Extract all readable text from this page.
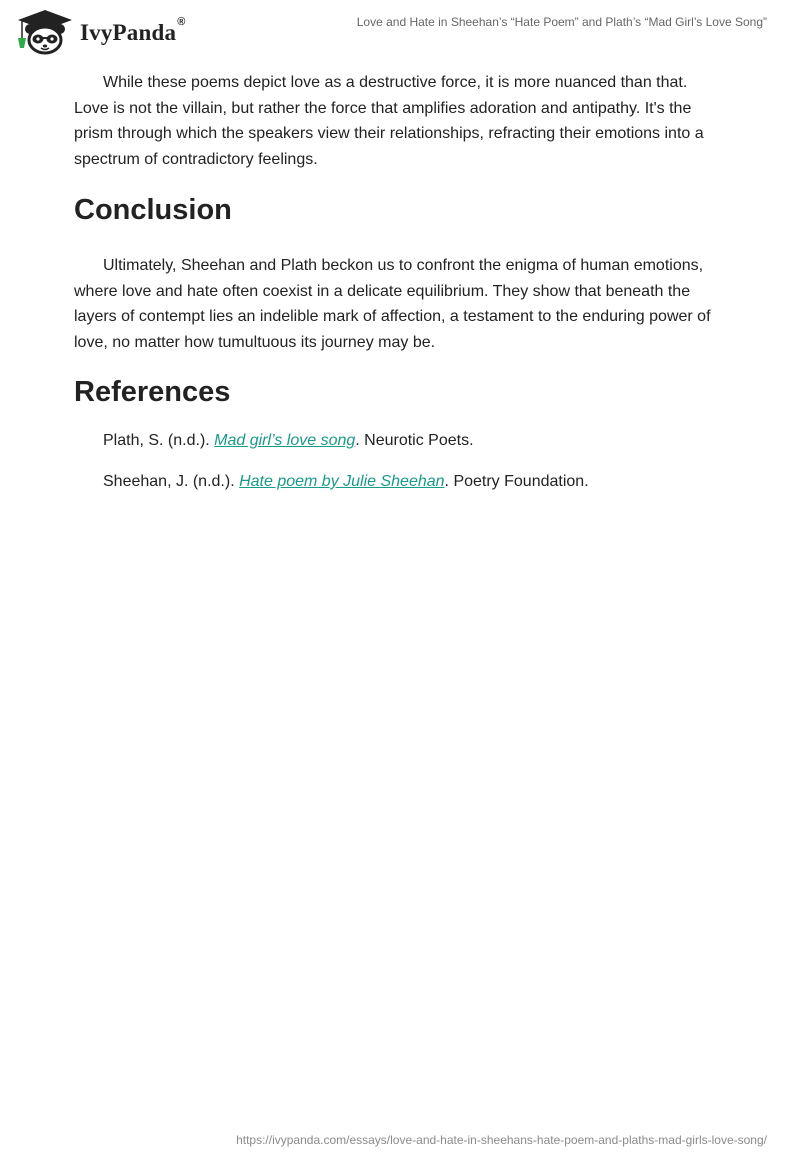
IvyPanda®	Love and Hate in Sheehan’s “Hate Poem” and Plath’s “Mad Girl’s Love Song”

While these poems depict love as a destructive force, it is more nuanced than that. Love is not the villain, but rather the force that amplifies adoration and antipathy. It's the prism through which the speakers view their relationships, refracting their emotions into a spectrum of contradictory feelings.

Conclusion

Ultimately, Sheehan and Plath beckon us to confront the enigma of human emotions, where love and hate often coexist in a delicate equilibrium. They show that beneath the layers of contempt lies an indelible mark of affection, a testament to the enduring power of love, no matter how tumultuous its journey may be.

References

Plath, S. (n.d.). Mad girl’s love song. Neurotic Poets.

Sheehan, J. (n.d.). Hate poem by Julie Sheehan. Poetry Foundation.

https://ivypanda.com/essays/love-and-hate-in-sheehans-hate-poem-and-plaths-mad-girls-love-song/
